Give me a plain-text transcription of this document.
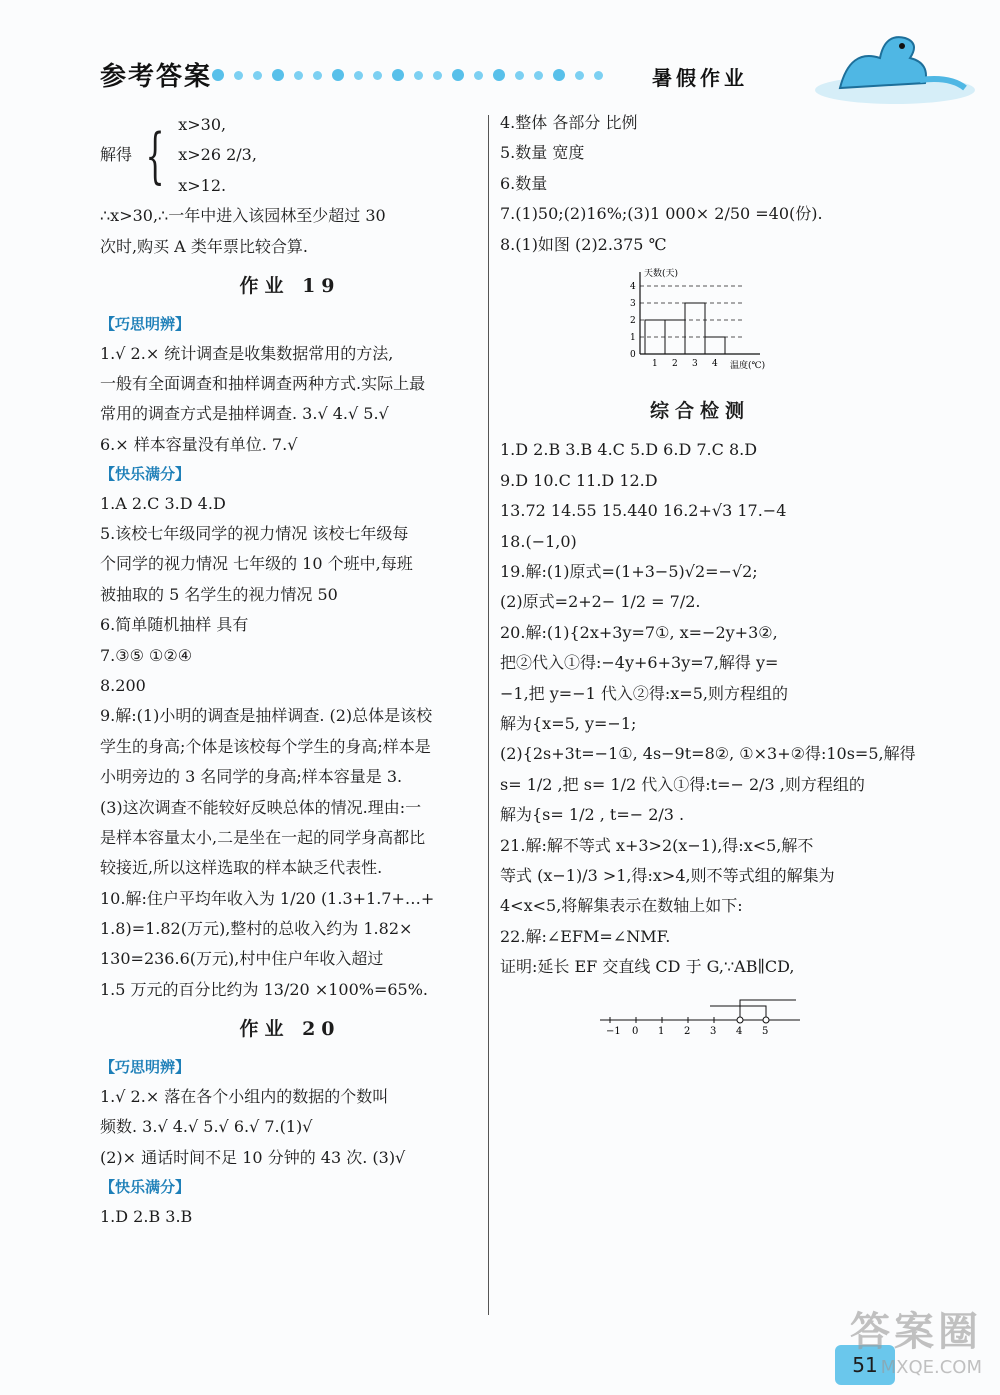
参考答案	暑假作业
解得 { x>30,
x>26 2/3,
x>12.
∴x>30,∴一年中进入该园林至少超过 30
次时,购买 A 类年票比较合算.
作业 19
【巧思明辨】
1.√ 2.× 统计调查是收集数据常用的方法,
一般有全面调查和抽样调查两种方式.实际上最
常用的调查方式是抽样调查. 3.√ 4.√ 5.√
6.× 样本容量没有单位. 7.√
【快乐满分】
1.A 2.C 3.D 4.D
5.该校七年级同学的视力情况 该校七年级每
个同学的视力情况 七年级的 10 个班中,每班
被抽取的 5 名学生的视力情况 50
6.简单随机抽样 具有
7.③⑤ ①②④
8.200
9.解:(1)小明的调查是抽样调查. (2)总体是该校
学生的身高;个体是该校每个学生的身高;样本是
小明旁边的 3 名同学的身高;样本容量是 3.
(3)这次调查不能较好反映总体的情况.理由:一
是样本容量太小,二是坐在一起的同学身高都比
较接近,所以这样选取的样本缺乏代表性.
10.解:住户平均年收入为 1/20 (1.3+1.7+…+
1.8)=1.82(万元),整村的总收入约为 1.82×
130=236.6(万元),村中住户年收入超过
1.5 万元的百分比约为 13/20 ×100%=65%.
作业 20
【巧思明辨】
1.√ 2.× 落在各个小组内的数据的个数叫
频数. 3.√ 4.√ 5.√ 6.√ 7.(1)√
(2)× 通话时间不足 10 分钟的 43 次. (3)√
【快乐满分】
1.D 2.B 3.B
4.整体 各部分 比例
5.数量 宽度
6.数量
7.(1)50;(2)16%;(3)1 000× 2/50 =40(份).
8.(1)如图 (2)2.375 ℃
天数(天)
温度(℃)
0
1
2
3
4
1 2 3 4
综合检测
1.D 2.B 3.B 4.C 5.D 6.D 7.C 8.D
9.D 10.C 11.D 12.D
13.72 14.55 15.440 16.2+√3 17.−4
18.(−1,0)
19.解:(1)原式=(1+3−5)√2=−√2;
(2)原式=2+2− 1/2 = 7/2.
20.解:(1){2x+3y=7①, x=−2y+3②,
把②代入①得:−4y+6+3y=7,解得 y=
−1,把 y=−1 代入②得:x=5,则方程组的
解为{x=5, y=−1;
(2){2s+3t=−1①, 4s−9t=8②, ①×3+②得:10s=5,解得
s= 1/2 ,把 s= 1/2 代入①得:t=− 2/3 ,则方程组的
解为{s= 1/2 , t=− 2/3 .
21.解:解不等式 x+3>2(x−1),得:x<5,解不
等式 (x−1)/3 >1,得:x>4,则不等式组的解集为
4<x<5,将解集表示在数轴上如下:
22.解:∠EFM=∠NMF.
证明:延长 EF 交直线 CD 于 G,∵AB∥CD,
−1 0 1 2 3 4 5
51
答案圈
MXQE.COM
